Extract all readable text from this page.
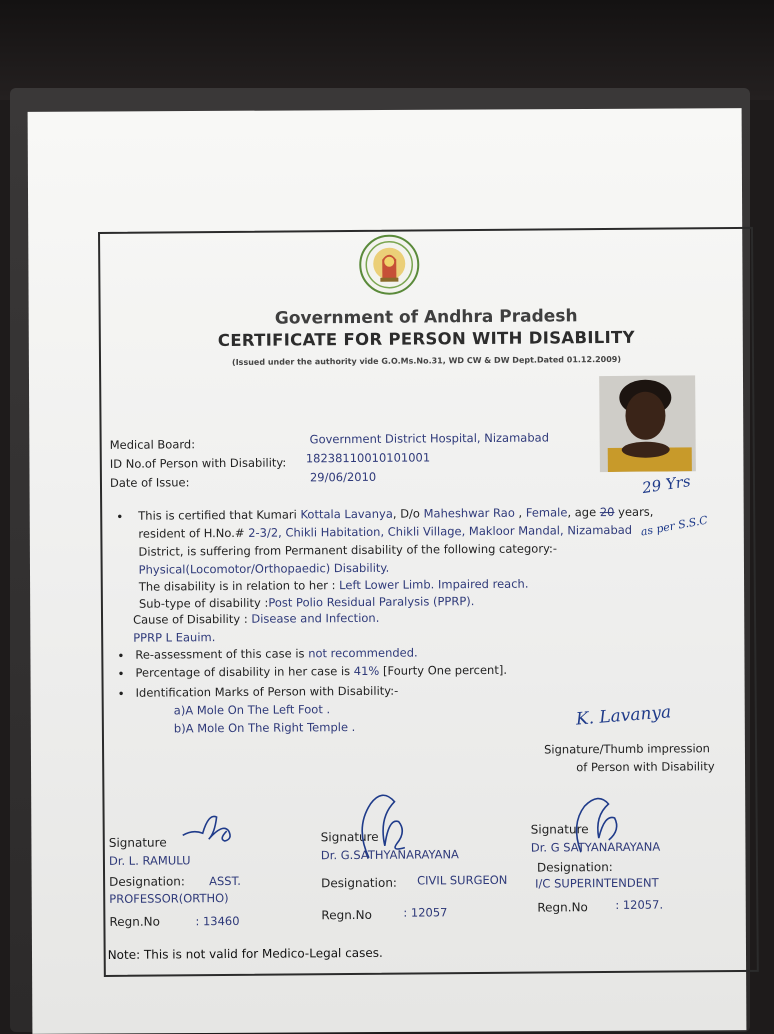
Government of Andhra Pradesh
CERTIFICATE FOR PERSON WITH DISABILITY
(Issued under the authority vide G.O.Ms.No.31, WD CW & DW Dept.Dated 01.12.2009)
Medical Board:	Government District Hospital, Nizamabad
ID No.of Person with Disability: 18238110010101001
Date of Issue:	29/06/2010
• This is certified that Kumari Kottala Lavanya, D/o Maheshwar Rao , Female, age 20 years,
resident of H.No.# 2-3/2, Chikli Habitation, Chikli Village, Makloor Mandal, Nizamabad
District, is suffering from Permanent disability of the following category:-
Physical(Locomotor/Orthopaedic) Disability.
The disability is in relation to her : Left Lower Limb. Impaired reach.
Sub-type of disability :Post Polio Residual Paralysis (PPRP).
29 Yrs
as per S.S.C
Cause of Disability : Disease and Infection.
PPRP L Eauim.
• Re-assessment of this case is not recommended.
• Percentage of disability in her case is 41% [Fourty One percent].
• Identification Marks of Person with Disability:-
a)A Mole On The Left Foot .
b)A Mole On The Right Temple .	K. Lavanya
Signature/Thumb impression
of Person with Disability
Signature
Dr. L. RAMULU
Designation: ASST.
PROFESSOR(ORTHO)
Regn.No	: 13460
Signature
Dr. G.SATHYANARAYANA
Designation: CIVIL SURGEON
Regn.No	: 12057
Signature
Dr. G SATYANARAYANA
Designation:
I/C SUPERINTENDENT
Regn.No : 12057.
Note: This is not valid for Medico-Legal cases.
